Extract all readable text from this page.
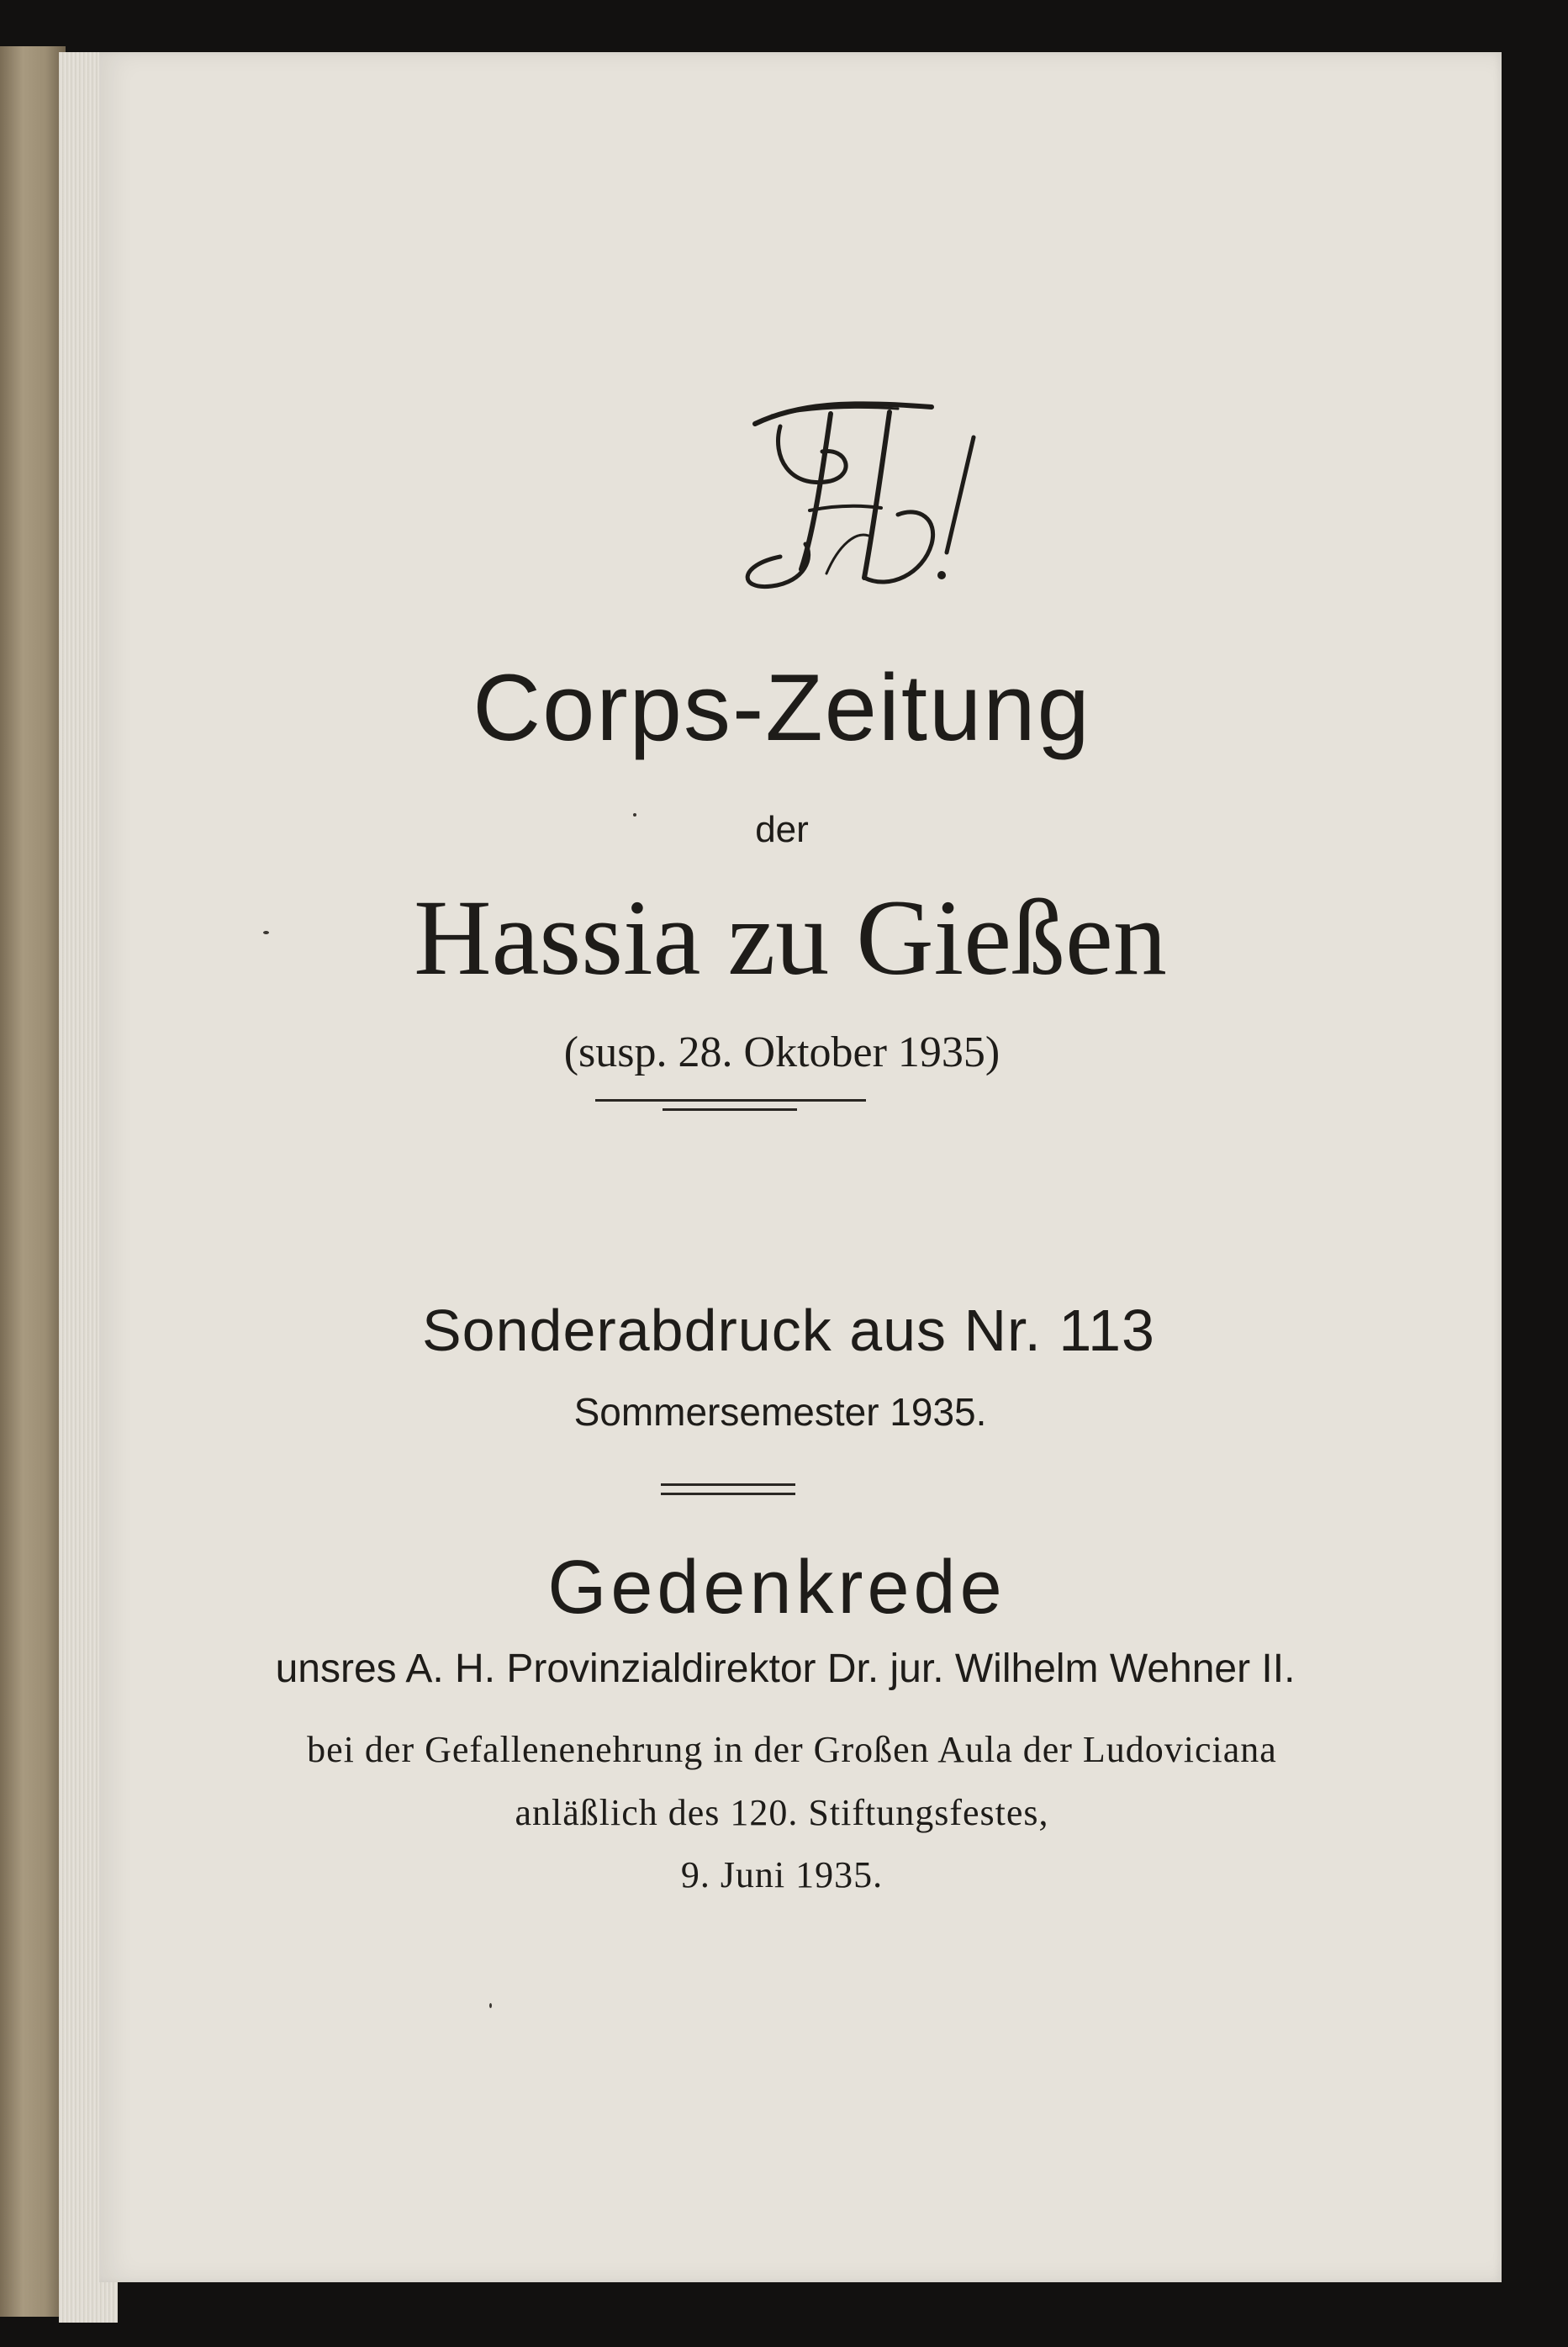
Corps-Zeitung
der
Hassia zu Gießen
(susp. 28. Oktober 1935)
Sonderabdruck aus Nr. 113
Sommersemester 1935.
Gedenkrede
unsres A. H. Provinzialdirektor Dr. jur. Wilhelm Wehner II.
bei der Gefallenenehrung in der Großen Aula der Ludoviciana
anläßlich des 120. Stiftungsfestes,
9. Juni 1935.
